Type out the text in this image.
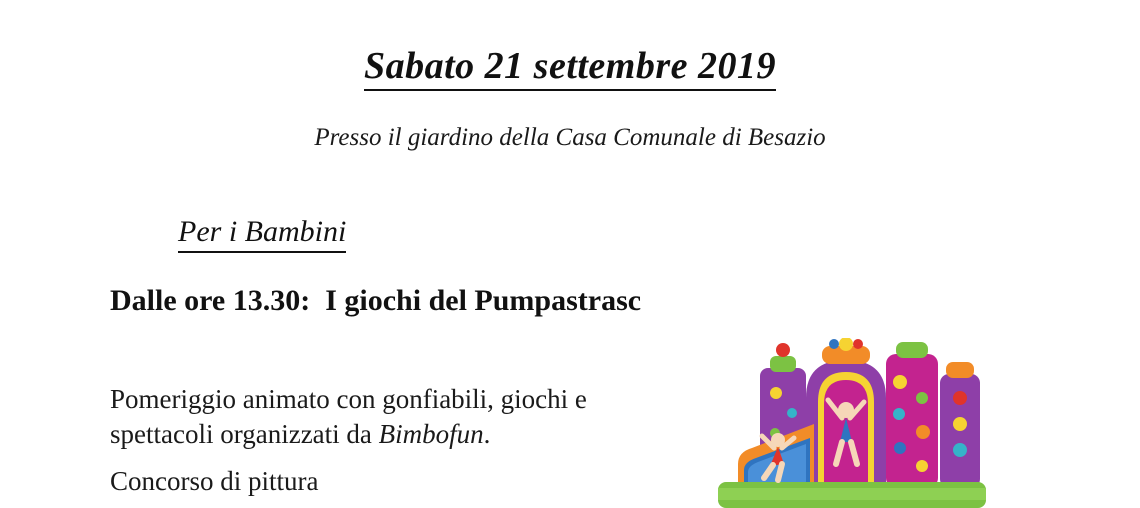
Sabato 21 settembre 2019
Presso il giardino della Casa Comunale di Besazio
Per i Bambini
Dalle ore 13.30:  I giochi del Pumpastrasc
Pomeriggio animato con gonfiabili, giochi e
spettacoli organizzati da Bimbofun.
Concorso di pittura
